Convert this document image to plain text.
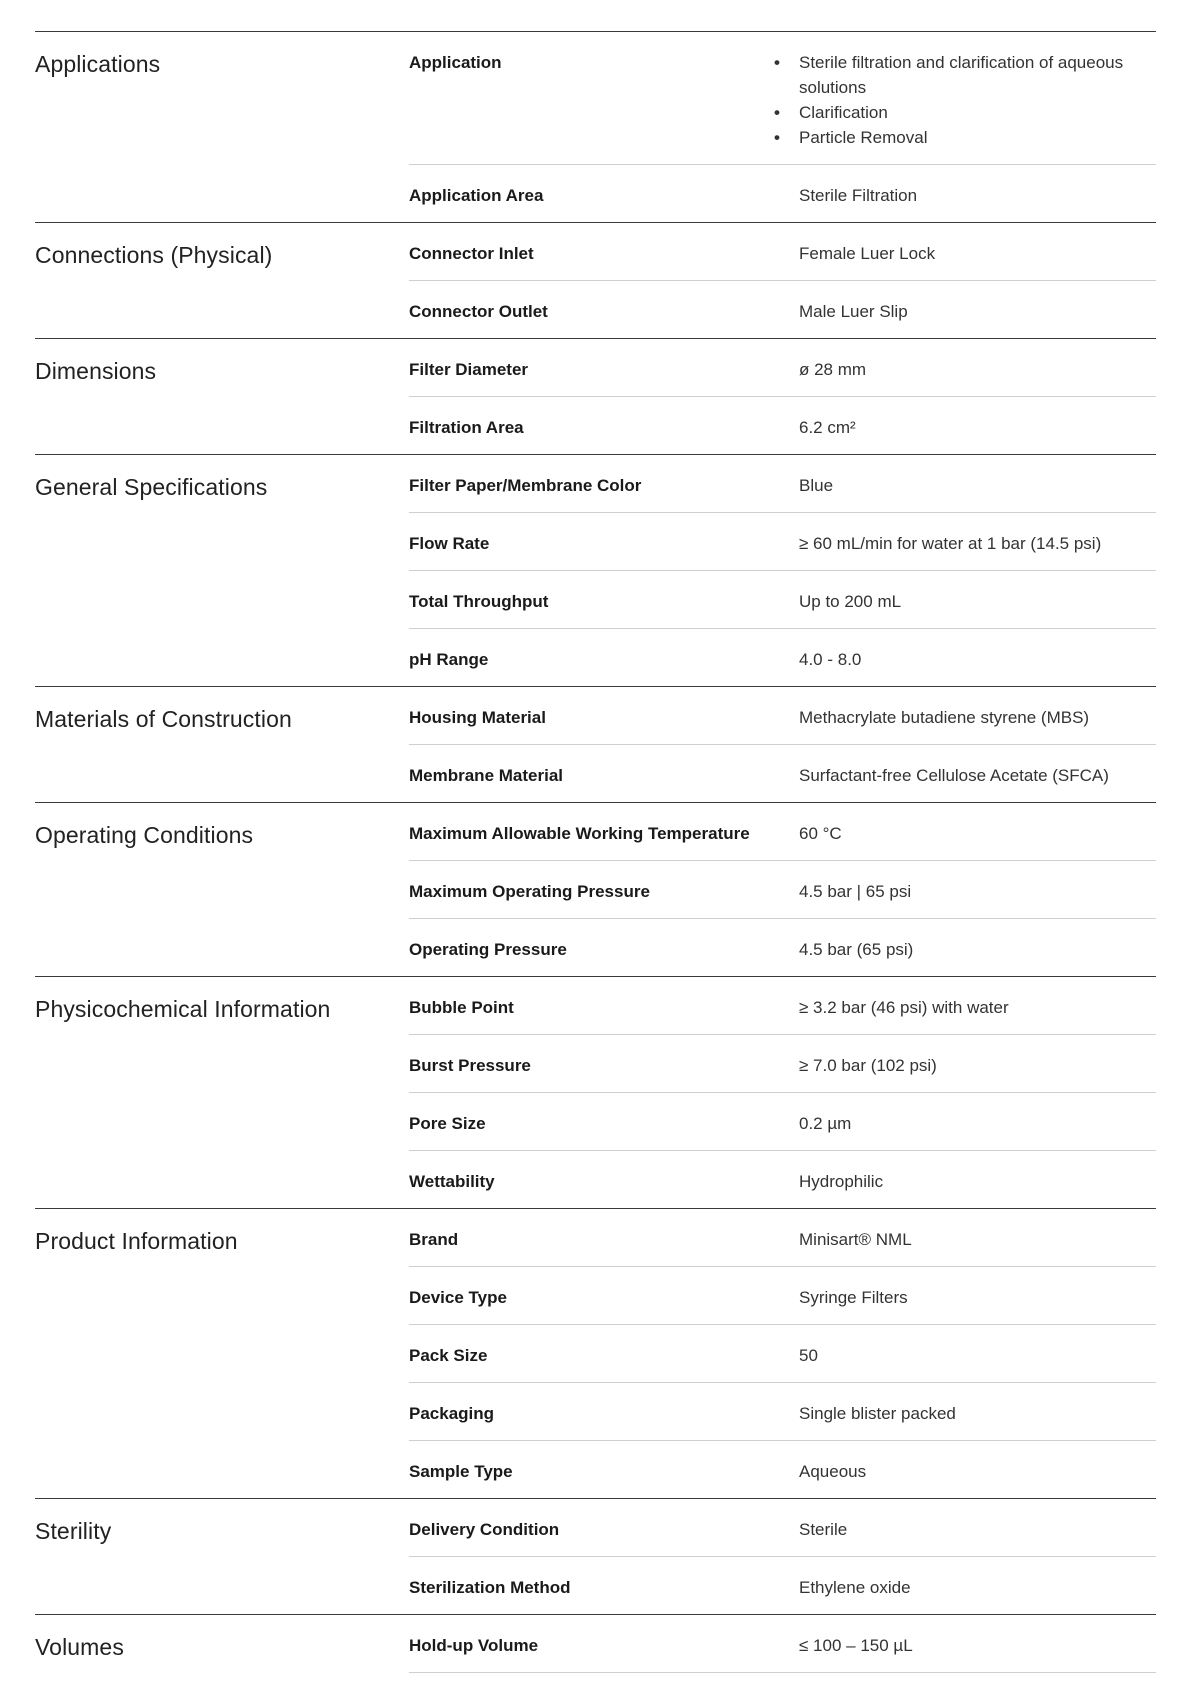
Applications	Application	• Sterile filtration and clarification of aqueous solutions
• Clarification
• Particle Removal
Application Area	Sterile Filtration
Connections (Physical)	Connector Inlet	Female Luer Lock
Connector Outlet	Male Luer Slip
Dimensions	Filter Diameter	ø 28 mm
Filtration Area	6.2 cm²
General Specifications	Filter Paper/Membrane Color	Blue
Flow Rate	≥ 60 mL/min for water at 1 bar (14.5 psi)
Total Throughput	Up to 200 mL
pH Range	4.0 - 8.0
Materials of Construction	Housing Material	Methacrylate butadiene styrene (MBS)
Membrane Material	Surfactant-free Cellulose Acetate (SFCA)
Operating Conditions	Maximum Allowable Working Temperature	60 °C
Maximum Operating Pressure	4.5 bar | 65 psi
Operating Pressure	4.5 bar (65 psi)
Physicochemical Information	Bubble Point	≥ 3.2 bar (46 psi) with water
Burst Pressure	≥ 7.0 bar (102 psi)
Pore Size	0.2 µm
Wettability	Hydrophilic
Product Information	Brand	Minisart® NML
Device Type	Syringe Filters
Pack Size	50
Packaging	Single blister packed
Sample Type	Aqueous
Sterility	Delivery Condition	Sterile
Sterilization Method	Ethylene oxide
Volumes	Hold-up Volume	≤ 100 – 150 µL
